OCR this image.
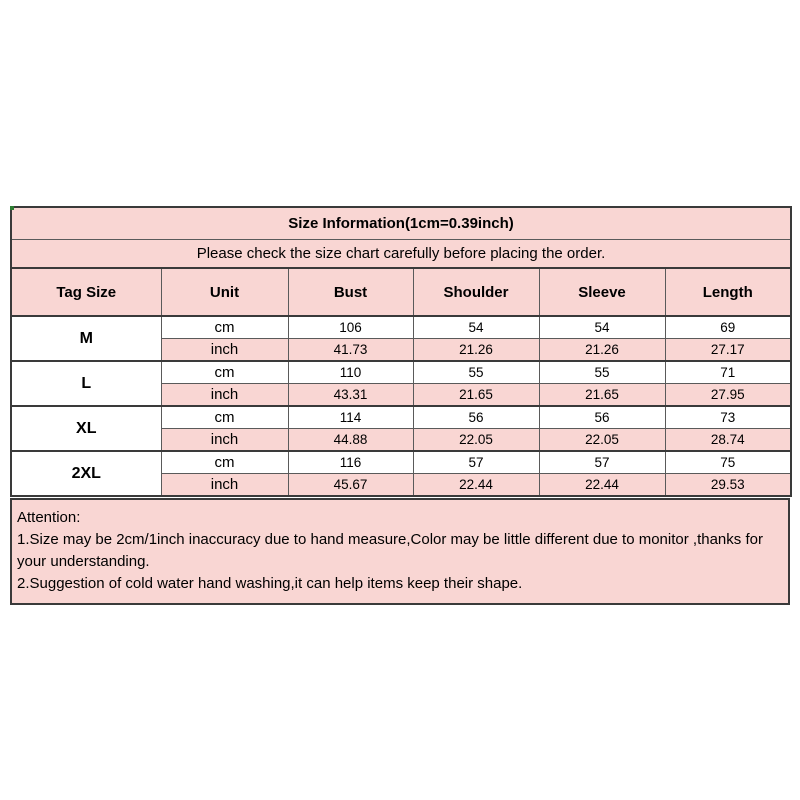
Size Information(1cm=0.39inch)					
Please check the size chart carefully before placing the order.					
Tag Size	Unit	Bust	Shoulder	Sleeve	Length
M	cm	106	54	54	69
	inch	41.73	21.26	21.26	27.17
L	cm	110	55	55	71
	inch	43.31	21.65	21.65	27.95
XL	cm	114	56	56	73
	inch	44.88	22.05	22.05	28.74
2XL	cm	116	57	57	75
	inch	45.67	22.44	22.44	29.53

Attention:

1.Size may be 2cm/1inch inaccuracy due to hand measure,Color may be little different due to monitor ,thanks for your understanding.

2.Suggestion of cold water hand washing,it can help items keep their shape.
